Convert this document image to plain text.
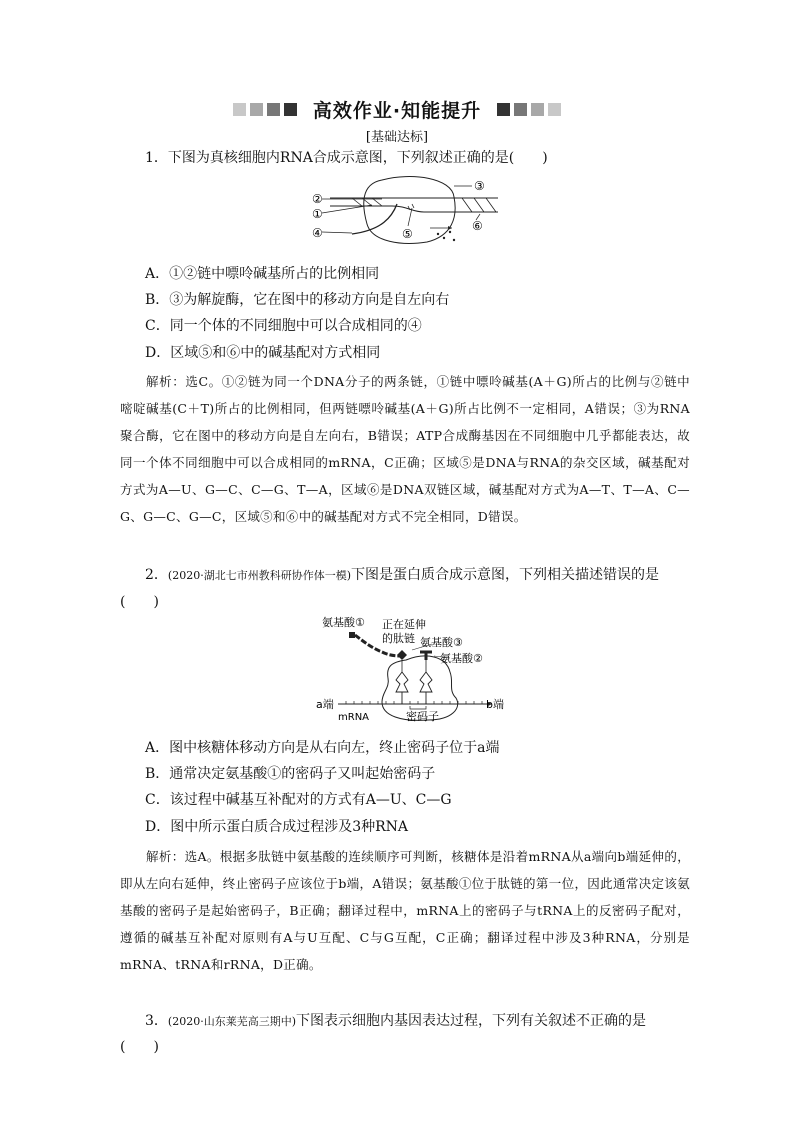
高效作业·知能提升
[基础达标]
1．下图为真核细胞内RNA合成示意图，下列叙述正确的是(　　)
②
③
①
④	⑤
⑥
A．①②链中嘌呤碱基所占的比例相同
B．③为解旋酶，它在图中的移动方向是自左向右
C．同一个体的不同细胞中可以合成相同的④
D．区域⑤和⑥中的碱基配对方式相同
解析：选C。①②链为同一个DNA分子的两条链，①链中嘌呤碱基(A＋G)所占的比例与②链中嘧啶碱基(C＋T)所占的比例相同，但两链嘌呤碱基(A＋G)所占比例不一定相同，A错误；③为RNA聚合酶，它在图中的移动方向是自左向右，B错误；ATP合成酶基因在不同细胞中几乎都能表达，故同一个体不同细胞中可以合成相同的mRNA，C正确；区域⑤是DNA与RNA的杂交区域，碱基配对方式为A—U、G—C、C—G、T—A，区域⑥是DNA双链区域，碱基配对方式为A—T、T—A、C—G、G—C、G—C，区域⑤和⑥中的碱基配对方式不完全相同，D错误。
2．(2020·湖北七市州教科研协作体一模)下图是蛋白质合成示意图，下列相关描述错误的是(　　)
氨基酸① 正在延伸
的肽链 氨基酸③
氨基酸②
a端	b端
mRNA	密码子
A．图中核糖体移动方向是从右向左，终止密码子位于a端
B．通常决定氨基酸①的密码子又叫起始密码子
C．该过程中碱基互补配对的方式有A—U、C—G
D．图中所示蛋白质合成过程涉及3种RNA
解析：选A。根据多肽链中氨基酸的连续顺序可判断，核糖体是沿着mRNA从a端向b端延伸的，即从左向右延伸，终止密码子应该位于b端，A错误；氨基酸①位于肽链的第一位，因此通常决定该氨基酸的密码子是起始密码子，B正确；翻译过程中，mRNA上的密码子与tRNA上的反密码子配对，遵循的碱基互补配对原则有A与U互配、C与G互配，C正确；翻译过程中涉及3种RNA，分别是mRNA、tRNA和rRNA，D正确。
3．(2020·山东莱芜高三期中)下图表示细胞内基因表达过程，下列有关叙述不正确的是
(　　)
